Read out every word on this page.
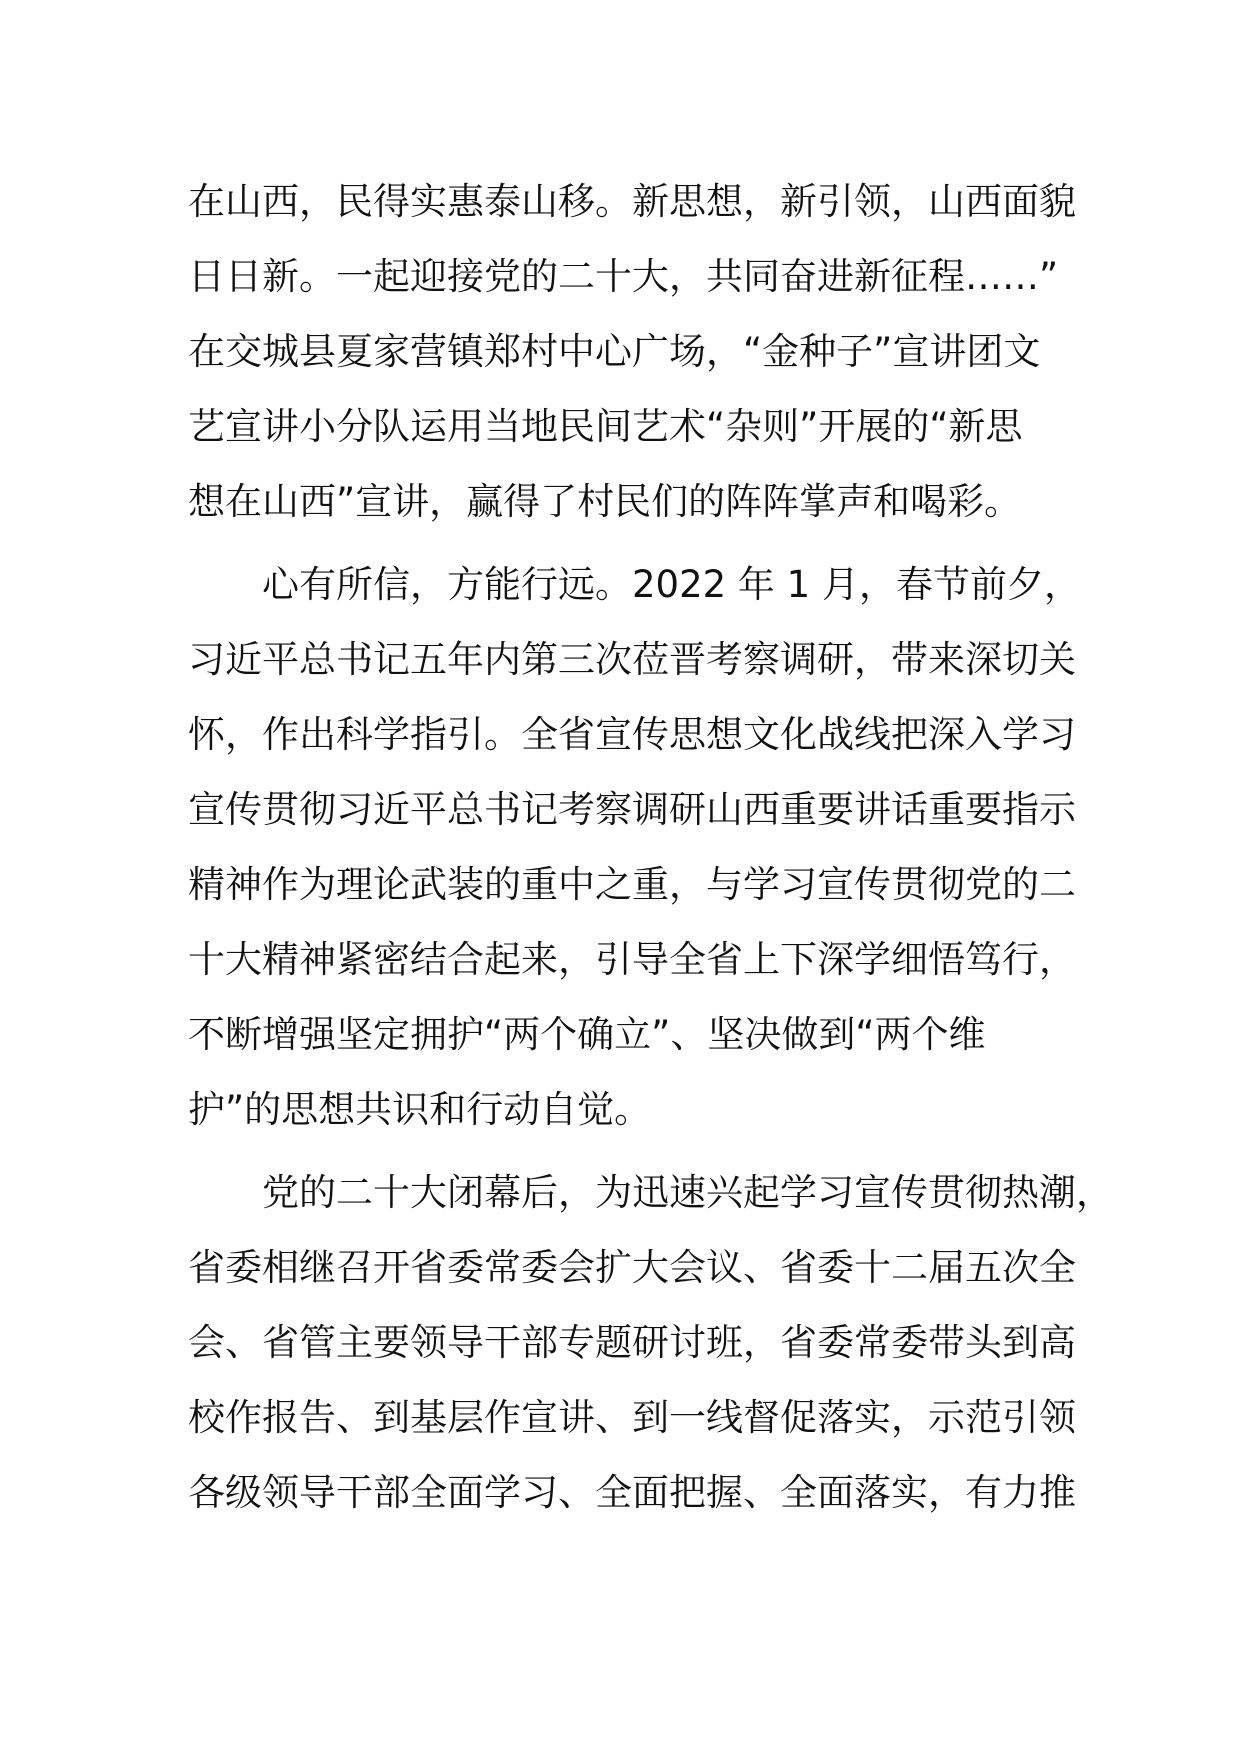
在山西，民得实惠泰山移。新思想，新引领，山西面貌
日日新。一起迎接党的二十大，共同奋进新征程……”
在交城县夏家营镇郑村中心广场，“金种子”宣讲团文
艺宣讲小分队运用当地民间艺术“杂则”开展的“新思
想在山西”宣讲，赢得了村民们的阵阵掌声和喝彩。
心有所信，方能行远。2022 年 1 月，春节前夕，
习近平总书记五年内第三次莅晋考察调研，带来深切关
怀，作出科学指引。全省宣传思想文化战线把深入学习
宣传贯彻习近平总书记考察调研山西重要讲话重要指示
精神作为理论武装的重中之重，与学习宣传贯彻党的二
十大精神紧密结合起来，引导全省上下深学细悟笃行，
不断增强坚定拥护“两个确立”、坚决做到“两个维
护”的思想共识和行动自觉。
党的二十大闭幕后，为迅速兴起学习宣传贯彻热潮，
省委相继召开省委常委会扩大会议、省委十二届五次全
会、省管主要领导干部专题研讨班，省委常委带头到高
校作报告、到基层作宣讲、到一线督促落实，示范引领
各级领导干部全面学习、全面把握、全面落实，有力推
